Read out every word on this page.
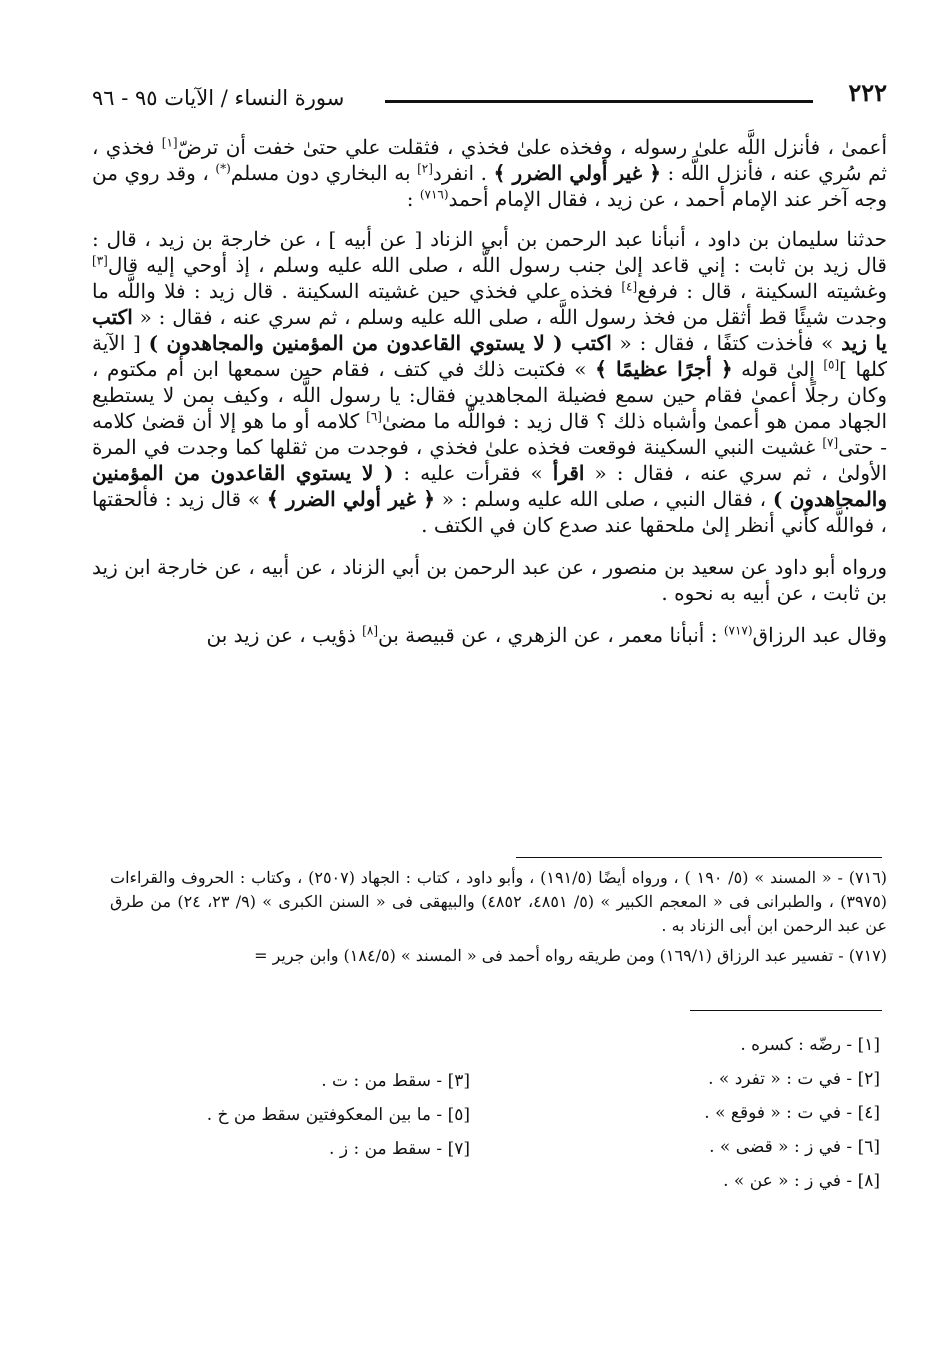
٢٢٢
سورة النساء / الآيات ٩٥ - ٩٦

أعمىٰ ، فأنزل اللَّه علىٰ رسوله ، وفخذه علىٰ فخذي ، فثقلت علي حتىٰ خفت أن ترضّ[١] فخذي ، ثم سُري عنه ، فأنزل اللَّه : ﴿ غير أولي الضرر ﴾ . انفرد[٢] به البخاري دون مسلم(*) ، وقد روي من وجه آخر عند الإمام أحمد ، عن زيد ، فقال الإمام أحمد$^{(٧١٦)}$ :

حدثنا سليمان بن داود ، أنبأنا عبد الرحمن بن أبي الزناد [ عن أبيه ] ، عن خارجة بن زيد ، قال : قال زيد بن ثابت : إني قاعد إلىٰ جنب رسول اللَّه ، صلى الله عليه وسلم ، إذ أوحي إليه قال[٣] وغشيته السكينة ، قال : فرفع[٤] فخذه علي فخذي حين غشيته السكينة . قال زيد : فلا واللَّه ما وجدت شيئًا قط أثقل من فخذ رسول اللَّه ، صلى الله عليه وسلم ، ثم سري عنه ، فقال : « اكتب يا زيد » فأخذت كتفًا ، فقال : « اكتب ( لا يستوي القاعدون من المؤمنين والمجاهدون ) [ الآية كلها ][٥] إلىٰ قوله ﴿ أجرًا عظيمًا ﴾ » فكتبت ذلك في كتف ، فقام حين سمعها ابن أم مكتوم ، وكان رجلًا أعمىٰ فقام حين سمع فضيلة المجاهدين فقال: يا رسول اللَّه ، وكيف بمن لا يستطيع الجهاد ممن هو أعمىٰ وأشباه ذلك ؟ قال زيد : فواللَّه ما مضىٰ[٦] كلامه أو ما هو إلا أن قضىٰ كلامه - حتى[٧] غشيت النبي السكينة فوقعت فخذه علىٰ فخذي ، فوجدت من ثقلها كما وجدت في المرة الأولىٰ ، ثم سري عنه ، فقال : « اقرأ » فقرأت عليه : ( لا يستوي القاعدون من المؤمنين والمجاهدون ) ، فقال النبي ، صلى الله عليه وسلم : « ﴿ غير أولي الضرر ﴾ » قال زيد : فألحقتها ، فواللَّه كأني أنظر إلىٰ ملحقها عند صدع كان في الكتف .

ورواه أبو داود عن سعيد بن منصور ، عن عبد الرحمن بن أبي الزناد ، عن أبيه ، عن خارجة ابن زيد بن ثابت ، عن أبيه به نحوه .

وقال عبد الرزاق$^{(٧١٧)}$ : أنبأنا معمر ، عن الزهري ، عن قبيصة بن[٨] ذؤيب ، عن زيد بن

(٧١٦) - « المسند » (٥/ ١٩٠ ) ، ورواه أيضًا (١٩١/٥) ، وأبو داود ، كتاب : الجهاد (٢٥٠٧) ، وكتاب : الحروف والقراءات (٣٩٧٥) ، والطبرانى فى « المعجم الكبير » (٥/ ٤٨٥١، ٤٨٥٢) والبيهقى فى « السنن الكبرى » (٩/ ٢٣، ٢٤) من طرق عن عبد الرحمن ابن أبى الزناد به .

(٧١٧) - تفسير عبد الرزاق (١٦٩/١) ومن طريقه رواه أحمد فى « المسند » (١٨٤/٥) وابن جرير =

[١] - رضّه : كسره .
[٢] - في ت : « تفرد » .
[٤] - في ت : « فوقع » .
[٦] - في ز : « قضى » .
[٨] - في ز : « عن » .
[٣] - سقط من : ت .
[٥] - ما بين المعكوفتين سقط من خ .
[٧] - سقط من : ز .
